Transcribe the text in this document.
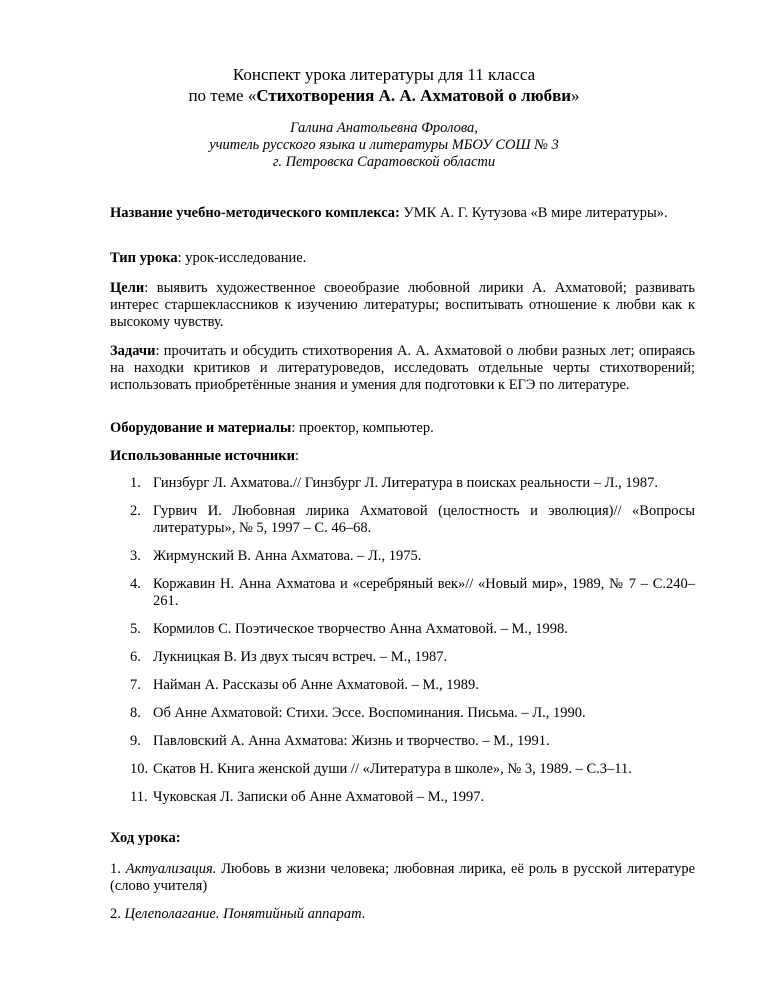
Конспект урока литературы для 11 класса
по теме «Стихотворения А. А. Ахматовой о любви»
Галина Анатольевна Фролова,
учитель русского языка и литературы МБОУ СОШ № 3
г. Петровска Саратовской области
Название учебно-методического комплекса: УМК А. Г. Кутузова «В мире литературы».
Тип урока: урок-исследование.
Цели: выявить художественное своеобразие любовной лирики А. Ахматовой; развивать интерес старшеклассников к изучению литературы; воспитывать отношение к любви как к высокому чувству.
Задачи: прочитать и обсудить стихотворения А. А. Ахматовой о любви разных лет; опираясь на находки критиков и литературоведов, исследовать отдельные черты стихотворений; использовать приобретённые знания и умения для подготовки к ЕГЭ по литературе.
Оборудование и материалы: проектор, компьютер.
Использованные источники:
1. Гинзбург Л. Ахматова.// Гинзбург Л. Литература в поисках реальности – Л., 1987.
2. Гурвич И. Любовная лирика Ахматовой (целостность и эволюция)// «Вопросы литературы», № 5, 1997 – С. 46–68.
3. Жирмунский В. Анна Ахматова. – Л., 1975.
4. Коржавин Н. Анна Ахматова и «серебряный век»// «Новый мир», 1989, № 7 – С.240–261.
5. Кормилов С. Поэтическое творчество Анна Ахматовой. – М., 1998.
6. Лукницкая В. Из двух тысяч встреч. – М., 1987.
7. Найман А. Рассказы об Анне Ахматовой. – М., 1989.
8. Об Анне Ахматовой: Стихи. Эссе. Воспоминания. Письма. – Л., 1990.
9. Павловский А. Анна Ахматова: Жизнь и творчество. – М., 1991.
10. Скатов Н. Книга женской души // «Литература в школе», № 3, 1989. – С.3–11.
11. Чуковская Л. Записки об Анне Ахматовой – М., 1997.
Ход урока:
1. Актуализация. Любовь в жизни человека; любовная лирика, её роль в русской литературе (слово учителя)
2. Целеполагание. Понятийный аппарат.
